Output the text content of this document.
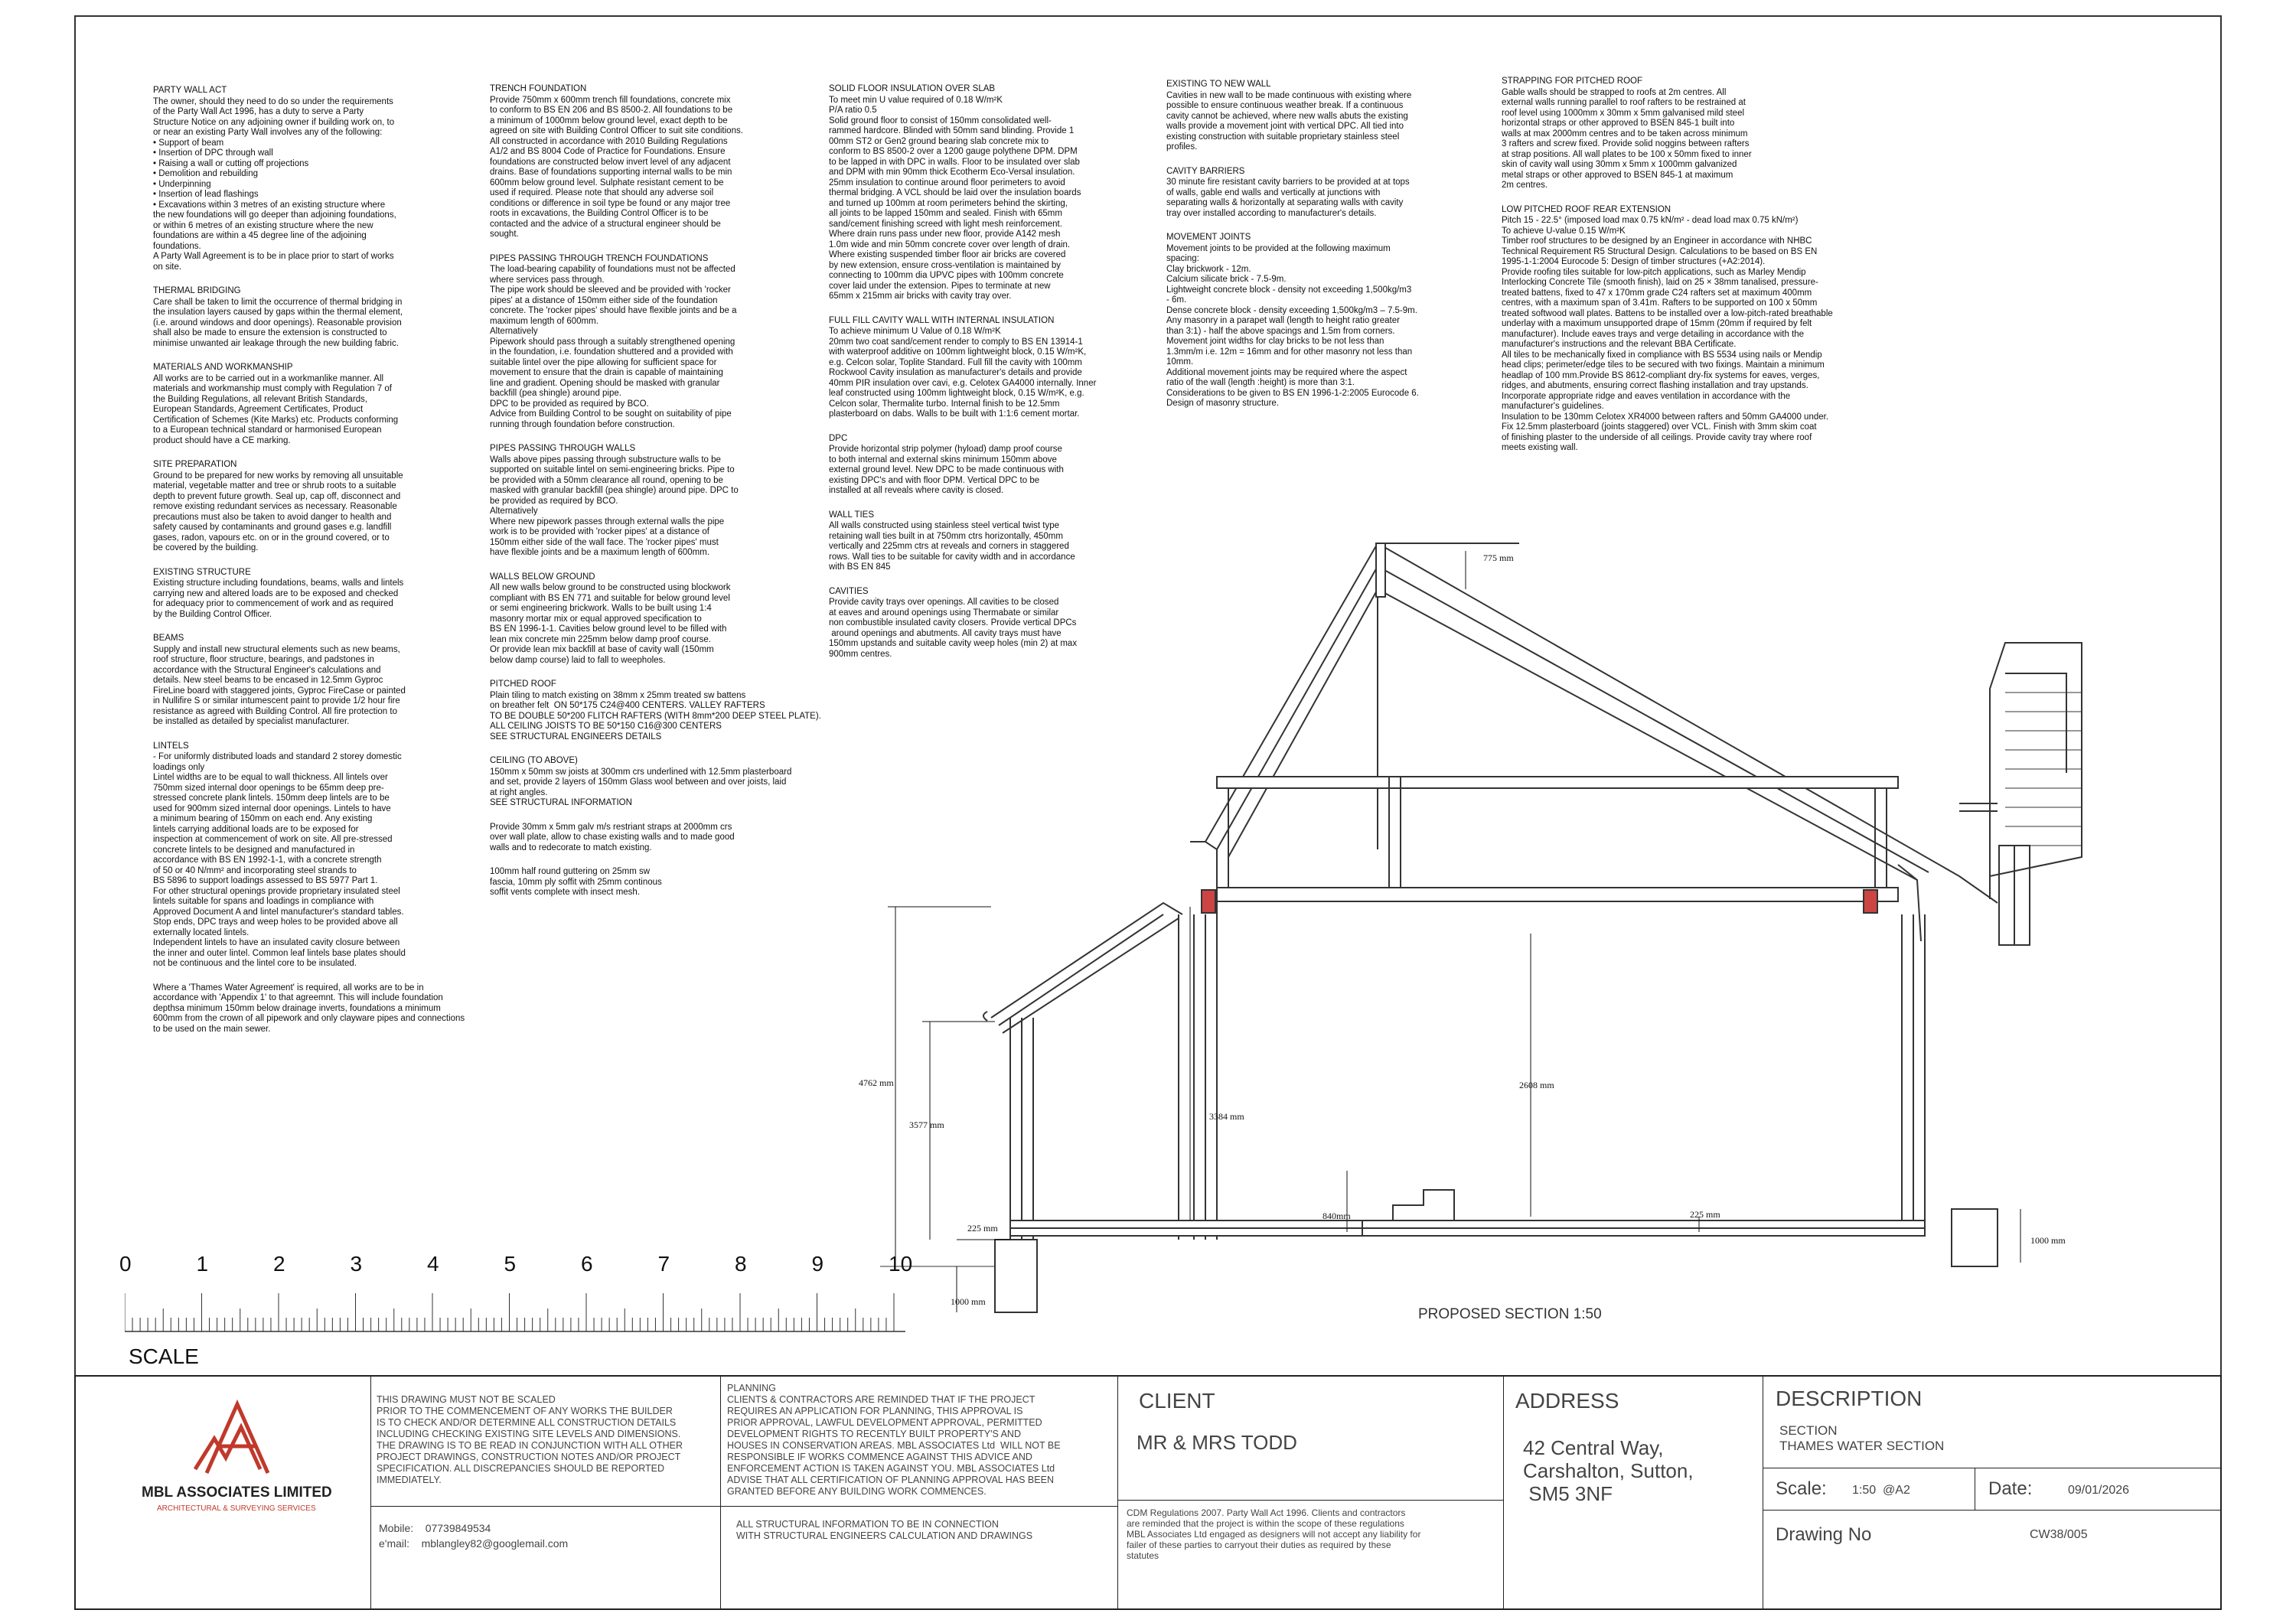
PARTY WALL ACT

The owner, should they need to do so under the requirements
of the Party Wall Act 1996, has a duty to serve a Party
Structure Notice on any adjoining owner if building work on, to
or near an existing Party Wall involves any of the following:
• Support of beam
• Insertion of DPC through wall
• Raising a wall or cutting off projections
• Demolition and rebuilding
• Underpinning
• Insertion of lead flashings
• Excavations within 3 metres of an existing structure where
the new foundations will go deeper than adjoining foundations,
or within 6 metres of an existing structure where the new
foundations are within a 45 degree line of the adjoining
foundations.
A Party Wall Agreement is to be in place prior to start of works
on site.

THERMAL BRIDGING

Care shall be taken to limit the occurrence of thermal bridging in
the insulation layers caused by gaps within the thermal element,
(i.e. around windows and door openings). Reasonable provision
shall also be made to ensure the extension is constructed to
minimise unwanted air leakage through the new building fabric.

MATERIALS AND WORKMANSHIP

All works are to be carried out in a workmanlike manner. All
materials and workmanship must comply with Regulation 7 of
the Building Regulations, all relevant British Standards,
European Standards, Agreement Certificates, Product
Certification of Schemes (Kite Marks) etc. Products conforming
to a European technical standard or harmonised European
product should have a CE marking.

SITE PREPARATION

Ground to be prepared for new works by removing all unsuitable
material, vegetable matter and tree or shrub roots to a suitable
depth to prevent future growth. Seal up, cap off, disconnect and
remove existing redundant services as necessary. Reasonable
precautions must also be taken to avoid danger to health and
safety caused by contaminants and ground gases e.g. landfill
gases, radon, vapours etc. on or in the ground covered, or to
be covered by the building.

EXISTING STRUCTURE

Existing structure including foundations, beams, walls and lintels
carrying new and altered loads are to be exposed and checked
for adequacy prior to commencement of work and as required
by the Building Control Officer.

BEAMS

Supply and install new structural elements such as new beams,
roof structure, floor structure, bearings, and padstones in
accordance with the Structural Engineer's calculations and
details. New steel beams to be encased in 12.5mm Gyproc
FireLine board with staggered joints, Gyproc FireCase or painted
in Nullifire S or similar intumescent paint to provide 1/2 hour fire
resistance as agreed with Building Control. All fire protection to
be installed as detailed by specialist manufacturer.

LINTELS

- For uniformly distributed loads and standard 2 storey domestic
loadings only
Lintel widths are to be equal to wall thickness. All lintels over
750mm sized internal door openings to be 65mm deep pre-
stressed concrete plank lintels. 150mm deep lintels are to be
used for 900mm sized internal door openings. Lintels to have
a minimum bearing of 150mm on each end. Any existing
lintels carrying additional loads are to be exposed for
inspection at commencement of work on site. All pre-stressed
concrete lintels to be designed and manufactured in
accordance with BS EN 1992-1-1, with a concrete strength
of 50 or 40 N/mm² and incorporating steel strands to
BS 5896 to support loadings assessed to BS 5977 Part 1.
For other structural openings provide proprietary insulated steel
lintels suitable for spans and loadings in compliance with
Approved Document A and lintel manufacturer's standard tables.
Stop ends, DPC trays and weep holes to be provided above all
externally located lintels.
Independent lintels to have an insulated cavity closure between
the inner and outer lintel. Common leaf lintels base plates should
not be continuous and the lintel core to be insulated.

Where a 'Thames Water Agreement' is required, all works are to be in
accordance with 'Appendix 1' to that agreemnt. This will include foundation
depthsa minimum 150mm below drainage inverts, foundations a minimum
600mm from the crown of all pipework and only clayware pipes and connections
to be used on the main sewer.

TRENCH FOUNDATION

Provide 750mm x 600mm trench fill foundations, concrete mix
to conform to BS EN 206 and BS 8500-2. All foundations to be
a minimum of 1000mm below ground level, exact depth to be
agreed on site with Building Control Officer to suit site conditions.
All constructed in accordance with 2010 Building Regulations
A1/2 and BS 8004 Code of Practice for Foundations. Ensure
foundations are constructed below invert level of any adjacent
drains. Base of foundations supporting internal walls to be min
600mm below ground level. Sulphate resistant cement to be
used if required. Please note that should any adverse soil
conditions or difference in soil type be found or any major tree
roots in excavations, the Building Control Officer is to be
contacted and the advice of a structural engineer should be
sought.

PIPES PASSING THROUGH TRENCH FOUNDATIONS

The load-bearing capability of foundations must not be affected
where services pass through.
The pipe work should be sleeved and be provided with 'rocker
pipes' at a distance of 150mm either side of the foundation
concrete. The 'rocker pipes' should have flexible joints and be a
maximum length of 600mm.
Alternatively
Pipework should pass through a suitably strengthened opening
in the foundation, i.e. foundation shuttered and a provided with
suitable lintel over the pipe allowing for sufficient space for
movement to ensure that the drain is capable of maintaining
line and gradient. Opening should be masked with granular
backfill (pea shingle) around pipe.
DPC to be provided as required by BCO.
Advice from Building Control to be sought on suitability of pipe
running through foundation before construction.

PIPES PASSING THROUGH WALLS

Walls above pipes passing through substructure walls to be
supported on suitable lintel on semi-engineering bricks. Pipe to
be provided with a 50mm clearance all round, opening to be
masked with granular backfill (pea shingle) around pipe. DPC to
be provided as required by BCO.
Alternatively
Where new pipework passes through external walls the pipe
work is to be provided with 'rocker pipes' at a distance of
150mm either side of the wall face. The 'rocker pipes' must
have flexible joints and be a maximum length of 600mm.

WALLS BELOW GROUND

All new walls below ground to be constructed using blockwork
compliant with BS EN 771 and suitable for below ground level
or semi engineering brickwork. Walls to be built using 1:4
masonry mortar mix or equal approved specification to
BS EN 1996-1-1. Cavities below ground level to be filled with
lean mix concrete min 225mm below damp proof course.
Or provide lean mix backfill at base of cavity wall (150mm
below damp course) laid to fall to weepholes.

PITCHED ROOF

Plain tiling to match existing on 38mm x 25mm treated sw battens
on breather felt  ON 50*175 C24@400 CENTERS. VALLEY RAFTERS
TO BE DOUBLE 50*200 FLITCH RAFTERS (WITH 8mm*200 DEEP STEEL PLATE).
ALL CEILING JOISTS TO BE 50*150 C16@300 CENTERS
SEE STRUCTURAL ENGINEERS DETAILS

CEILING (TO ABOVE)

150mm x 50mm sw joists at 300mm crs underlined with 12.5mm plasterboard
and set, provide 2 layers of 150mm Glass wool between and over joists, laid
at right angles.
SEE STRUCTURAL INFORMATION

Provide 30mm x 5mm galv m/s restriant straps at 2000mm crs
over wall plate, allow to chase existing walls and to made good
walls and to redecorate to match existing.

100mm half round guttering on 25mm sw
fascia, 10mm ply soffit with 25mm continous
soffit vents complete with insect mesh.

SOLID FLOOR INSULATION OVER SLAB

To meet min U value required of 0.18 W/m²K
P/A ratio 0.5
Solid ground floor to consist of 150mm consolidated well-
rammed hardcore. Blinded with 50mm sand blinding. Provide 1
00mm ST2 or Gen2 ground bearing slab concrete mix to
conform to BS 8500-2 over a 1200 gauge polythene DPM. DPM
to be lapped in with DPC in walls. Floor to be insulated over slab
and DPM with min 90mm thick Ecotherm Eco-Versal insulation.
25mm insulation to continue around floor perimeters to avoid
thermal bridging. A VCL should be laid over the insulation boards
and turned up 100mm at room perimeters behind the skirting,
all joints to be lapped 150mm and sealed. Finish with 65mm
sand/cement finishing screed with light mesh reinforcement.
Where drain runs pass under new floor, provide A142 mesh
1.0m wide and min 50mm concrete cover over length of drain.
Where existing suspended timber floor air bricks are covered
by new extension, ensure cross-ventilation is maintained by
connecting to 100mm dia UPVC pipes with 100mm concrete
cover laid under the extension. Pipes to terminate at new
65mm x 215mm air bricks with cavity tray over.

FULL FILL CAVITY WALL WITH INTERNAL INSULATION

To achieve minimum U Value of 0.18 W/m²K
20mm two coat sand/cement render to comply to BS EN 13914-1
with waterproof additive on 100mm lightweight block, 0.15 W/m²K,
e.g. Celcon solar, Toplite Standard. Full fill the cavity with 100mm
Rockwool Cavity insulation as manufacturer's details and provide
40mm PIR insulation over cavi, e.g. Celotex GA4000 internally. Inner
leaf constructed using 100mm lightweight block, 0.15 W/m²K, e.g.
Celcon solar, Thermalite turbo. Internal finish to be 12.5mm
plasterboard on dabs. Walls to be built with 1:1:6 cement mortar.

DPC

Provide horizontal strip polymer (hyload) damp proof course
to both internal and external skins minimum 150mm above
external ground level. New DPC to be made continuous with
existing DPC's and with floor DPM. Vertical DPC to be
installed at all reveals where cavity is closed.

WALL TIES

All walls constructed using stainless steel vertical twist type
retaining wall ties built in at 750mm ctrs horizontally, 450mm
vertically and 225mm ctrs at reveals and corners in staggered
rows. Wall ties to be suitable for cavity width and in accordance
with BS EN 845

CAVITIES

Provide cavity trays over openings. All cavities to be closed
at eaves and around openings using Thermabate or similar
non combustible insulated cavity closers. Provide vertical DPCs
around openings and abutments. All cavity trays must have
150mm upstands and suitable cavity weep holes (min 2) at max
900mm centres.

EXISTING TO NEW WALL

Cavities in new wall to be made continuous with existing where
possible to ensure continuous weather break. If a continuous
cavity cannot be achieved, where new walls abuts the existing
walls provide a movement joint with vertical DPC. All tied into
existing construction with suitable proprietary stainless steel
profiles.

CAVITY BARRIERS

30 minute fire resistant cavity barriers to be provided at at tops
of walls, gable end walls and vertically at junctions with
separating walls & horizontally at separating walls with cavity
tray over installed according to manufacturer's details.

MOVEMENT JOINTS

Movement joints to be provided at the following maximum
spacing:
Clay brickwork - 12m.
Calcium silicate brick - 7.5-9m.
Lightweight concrete block - density not exceeding 1,500kg/m3
- 6m.
Dense concrete block - density exceeding 1,500kg/m3 – 7.5-9m.
Any masonry in a parapet wall (length to height ratio greater
than 3:1) - half the above spacings and 1.5m from corners.
Movement joint widths for clay bricks to be not less than
1.3mm/m i.e. 12m = 16mm and for other masonry not less than
10mm.
Additional movement joints may be required where the aspect
ratio of the wall (length :height) is more than 3:1.
Considerations to be given to BS EN 1996-1-2:2005 Eurocode 6.
Design of masonry structure.

STRAPPING FOR PITCHED ROOF

Gable walls should be strapped to roofs at 2m centres. All
external walls running parallel to roof rafters to be restrained at
roof level using 1000mm x 30mm x 5mm galvanised mild steel
horizontal straps or other approved to BSEN 845-1 built into
walls at max 2000mm centres and to be taken across minimum
3 rafters and screw fixed. Provide solid noggins between rafters
at strap positions. All wall plates to be 100 x 50mm fixed to inner
skin of cavity wall using 30mm x 5mm x 1000mm galvanized
metal straps or other approved to BSEN 845-1 at maximum
2m centres.

LOW PITCHED ROOF REAR EXTENSION

Pitch 15 - 22.5° (imposed load max 0.75 kN/m² - dead load max 0.75 kN/m²)
To achieve U-value 0.15 W/m²K
Timber roof structures to be designed by an Engineer in accordance with NHBC
Technical Requirement R5 Structural Design. Calculations to be based on BS EN
1995-1-1:2004 Eurocode 5: Design of timber structures (+A2:2014).
Provide roofing tiles suitable for low-pitch applications, such as Marley Mendip
Interlocking Concrete Tile (smooth finish), laid on 25 × 38mm tanalised, pressure-
treated battens, fixed to 47 x 170mm grade C24 rafters set at maximum 400mm
centres, with a maximum span of 3.41m. Rafters to be supported on 100 x 50mm
treated softwood wall plates. Battens to be installed over a low-pitch-rated breathable
underlay with a maximum unsupported drape of 15mm (20mm if required by felt
manufacturer). Include eaves trays and verge detailing in accordance with the
manufacturer's instructions and the relevant BBA Certificate.
All tiles to be mechanically fixed in compliance with BS 5534 using nails or Mendip
head clips; perimeter/edge tiles to be secured with two fixings. Maintain a minimum
headlap of 100 mm.Provide BS 8612-compliant dry-fix systems for eaves, verges,
ridges, and abutments, ensuring correct flashing installation and tray upstands.
Incorporate appropriate ridge and eaves ventilation in accordance with the
manufacturer's guidelines.
Insulation to be 130mm Celotex XR4000 between rafters and 50mm GA4000 under.
Fix 12.5mm plasterboard (joints staggered) over VCL. Finish with 3mm skim coat
of finishing plaster to the underside of all ceilings. Provide cavity tray where roof
meets existing wall.

775 mm
4762 mm
3577 mm
225 mm
1000 mm
3384 mm
840mm
2608 mm
225 mm
1000 mm
PROPOSED SECTION 1:50
0	1	2	3	4	5	6	7	8	9	10
SCALE
MBL ASSOCIATES LIMITED
ARCHITECTURAL & SURVEYING SERVICES
THIS DRAWING MUST NOT BE SCALED
PRIOR TO THE COMMENCEMENT OF ANY WORKS THE BUILDER
IS TO CHECK AND/OR DETERMINE ALL CONSTRUCTION DETAILS
INCLUDING CHECKING EXISTING SITE LEVELS AND DIMENSIONS.
THE DRAWING IS TO BE READ IN CONJUNCTION WITH ALL OTHER
PROJECT DRAWINGS, CONSTRUCTION NOTES AND/OR PROJECT
SPECIFICATION. ALL DISCREPANCIES SHOULD BE REPORTED
IMMEDIATELY.
Mobile:    07739849534
e'mail:    mblangley82@googlemail.com
PLANNING
CLIENTS & CONTRACTORS ARE REMINDED THAT IF THE PROJECT
REQUIRES AN APPLICATION FOR PLANNING, THIS APPROVAL IS
PRIOR APPROVAL, LAWFUL DEVELOPMENT APPROVAL, PERMITTED
DEVELOPMENT RIGHTS TO RECENTLY BUILT PROPERTY'S AND
HOUSES IN CONSERVATION AREAS. MBL ASSOCIATES Ltd  WILL NOT BE
RESPONSIBLE IF WORKS COMMENCE AGAINST THIS ADVICE AND
ENFORCEMENT ACTION IS TAKEN AGAINST YOU. MBL ASSOCIATES Ltd
ADVISE THAT ALL CERTIFICATION OF PLANNING APPROVAL HAS BEEN
GRANTED BEFORE ANY BUILDING WORK COMMENCES.
ALL STRUCTURAL INFORMATION TO BE IN CONNECTION
WITH STRUCTURAL ENGINEERS CALCULATION AND DRAWINGS
CLIENT
MR & MRS TODD
CDM Regulations 2007. Party Wall Act 1996. Clients and contractors
are reminded that the project is within the scope of these regulations
MBL Associates Ltd engaged as designers will not accept any liability for
failer of these parties to carryout their duties as required by these
statutes
ADDRESS
42 Central Way,
Carshalton, Sutton,
SM5 3NF
DESCRIPTION
SECTION
THAMES WATER SECTION
Scale: 1:50  @A2	Date:	09/01/2026
Drawing No	CW38/005
